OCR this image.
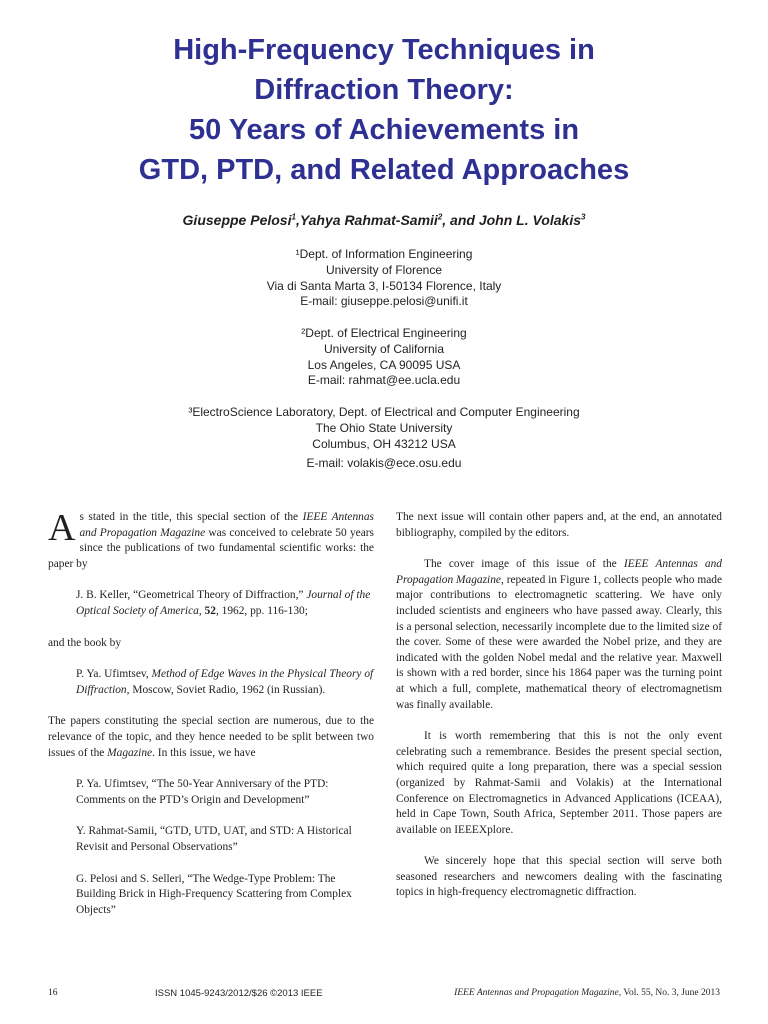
High-Frequency Techniques in
Diffraction Theory:
50 Years of Achievements in
GTD, PTD, and Related Approaches
Giuseppe Pelosi$^1$,Yahya Rahmat-Samii$^2$, and John L. Volakis$^3$
¹Dept. of Information Engineering
University of Florence
Via di Santa Marta 3, I-50134 Florence, Italy
E-mail: giuseppe.pelosi@unifi.it
²Dept. of Electrical Engineering
University of California
Los Angeles, CA 90095 USA
E-mail: rahmat@ee.ucla.edu
³ElectroScience Laboratory, Dept. of Electrical and Computer Engineering
The Ohio State University
Columbus, OH 43212 USA
E-mail: volakis@ece.osu.edu

As stated in the title, this special section of the IEEE Antennas and Propagation Magazine was conceived to celebrate 50 years since the publications of two fundamental scientific works: the paper by

J. B. Keller, “Geometrical Theory of Diffraction,” Journal of the Optical Society of America, 52, 1962, pp. 116-130;

and the book by

P. Ya. Ufimtsev, Method of Edge Waves in the Physical Theory of Diffraction, Moscow, Soviet Radio, 1962 (in Russian).

The papers constituting the special section are numerous, due to the relevance of the topic, and they hence needed to be split between two issues of the Magazine. In this issue, we have

P. Ya. Ufimtsev, “The 50-Year Anniversary of the PTD: Comments on the PTD’s Origin and Development”

Y. Rahmat-Samii, “GTD, UTD, UAT, and STD: A Historical Revisit and Personal Observations”

G. Pelosi and S. Selleri, “The Wedge-Type Problem: The Building Brick in High-Frequency Scattering from Complex Objects”

The next issue will contain other papers and, at the end, an annotated bibliography, compiled by the editors.

The cover image of this issue of the IEEE Antennas and Propagation Magazine, repeated in Figure 1, collects people who made major contributions to electromagnetic scattering. We have only included scientists and engineers who have passed away. Clearly, this is a personal selection, necessarily incomplete due to the limited size of the cover. Some of these were awarded the Nobel prize, and they are indicated with the golden Nobel medal and the relative year. Maxwell is shown with a red border, since his 1864 paper was the turning point at which a full, complete, mathematical theory of electromagnetism was finally available.

It is worth remembering that this is not the only event celebrating such a remembrance. Besides the present special section, which required quite a long preparation, there was a special session (organized by Rahmat-Samii and Volakis) at the International Conference on Electromagnetics in Advanced Applications (ICEAA), held in Cape Town, South Africa, September 2011. Those papers are available on IEEEXplore.

We sincerely hope that this special section will serve both seasoned researchers and newcomers dealing with the fascinating topics in high-frequency electromagnetic diffraction.

16	ISSN 1045-9243/2012/$26 ©2013 IEEE	IEEE Antennas and Propagation Magazine, Vol. 55, No. 3, June 2013
